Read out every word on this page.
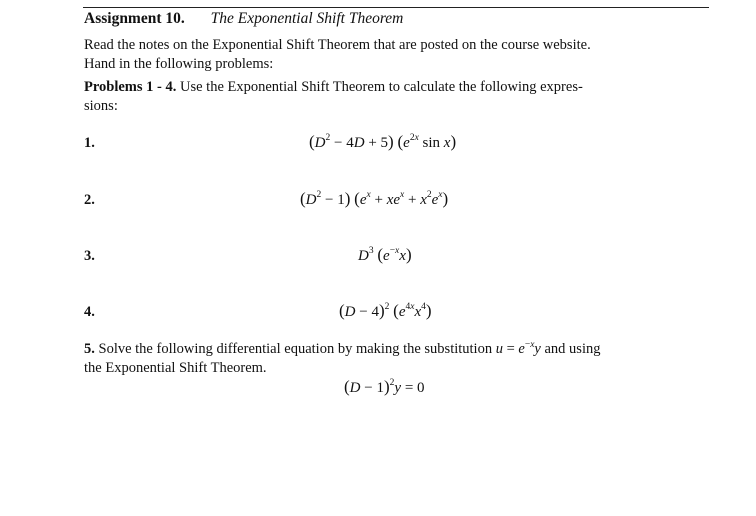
Assignment 10. The Exponential Shift Theorem
Read the notes on the Exponential Shift Theorem that are posted on the course website.
Hand in the following problems:
Problems 1 - 4. Use the Exponential Shift Theorem to calculate the following expres-
sions:
1.	$(D^2 - 4D + 5)$ ($e^{2x}$ sin x)
2.	$(D^2 - 1) (e^x + xe^x + x^2e^x)$
3.	$D^3$ $(e^{-x}x)$
4.	$(D - 4)^2$ $(e^{4x}x^4)$
5. Solve the following differential equation by making the substitution $u = e^{-x}y$ and using
the Exponential Shift Theorem.
$(D - 1)^2y = 0$
